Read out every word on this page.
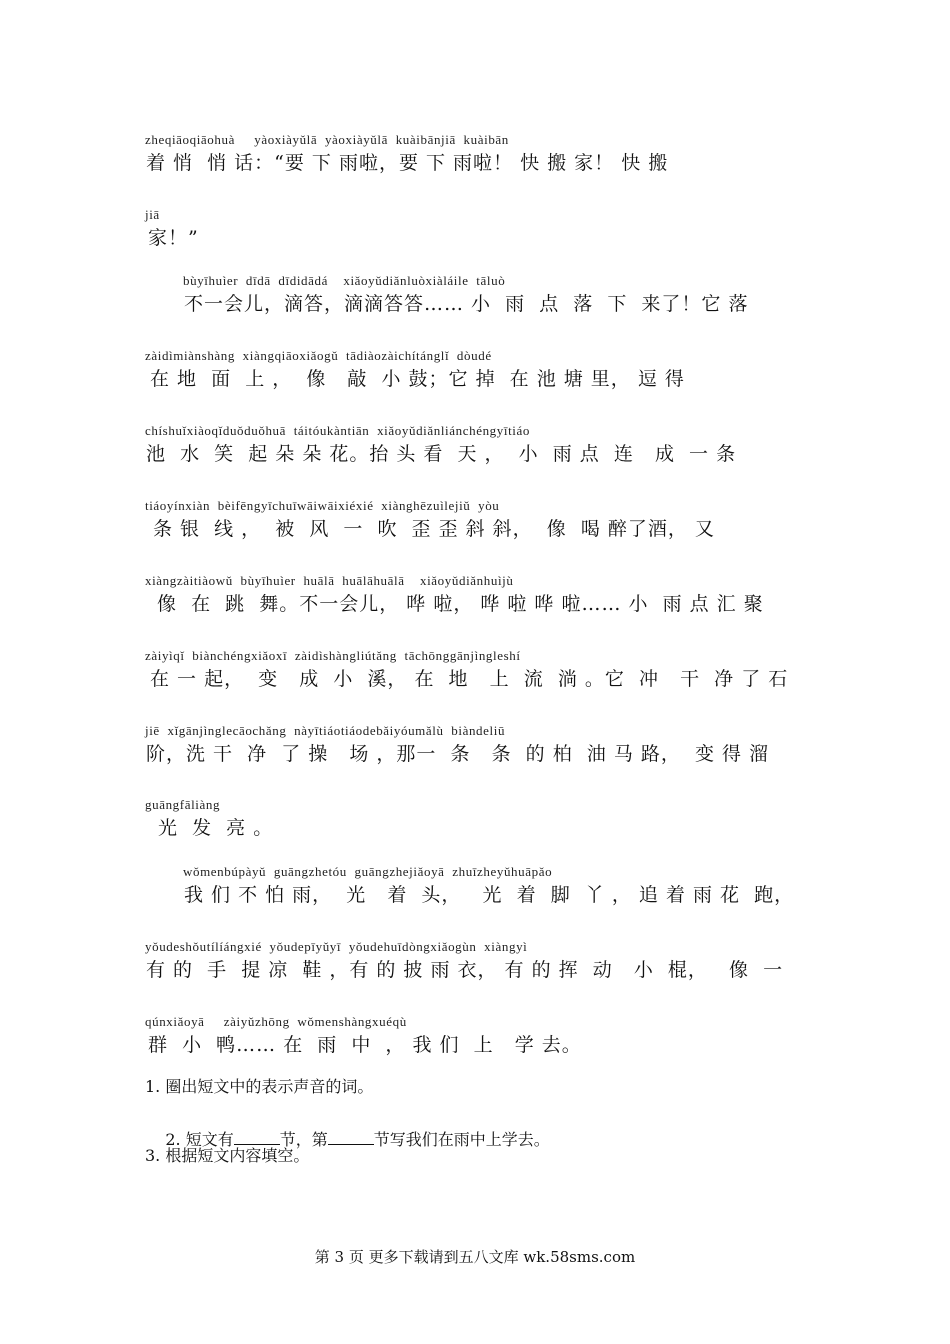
zheqiāoqiāohuà     yàoxiàyǔlā  yàoxiàyǔlā  kuàibānjiā  kuàibān
着 悄  悄 话：“要 下 雨啦，要 下 雨啦！ 快 搬 家！ 快 搬
jiā
家！”
bùyīhuìer  dīdā  dīdidādá    xiǎoyǔdiǎnluòxiàláile  tāluò
不一会儿，滴答，滴滴答答…… 小  雨  点  落  下  来了！它 落
zàidìmiànshàng  xiàngqiāoxiǎogǔ  tādiàozàichítánglǐ  dòudé
在 地  面  上 ，  像   敲  小 鼓；它 掉  在 池 塘 里， 逗 得
chíshuǐxiàoqǐduǒduǒhuā  táitóukàntiān  xiǎoyǔdiǎnliánchéngyītiáo
池  水  笑  起 朵 朵 花。抬 头 看  天 ，  小  雨 点  连   成  一 条
tiáoyínxiàn  bèifēngyīchuīwāiwāixiéxié  xiànghēzuìlejiǔ  yòu
条 银  线 ，  被  风  一  吹  歪 歪 斜 斜，  像  喝 醉了酒， 又
xiàngzàitiàowǔ  bùyīhuìer  huālā  huālāhuālā    xiǎoyǔdiǎnhuìjù
像  在  跳  舞。不一会儿， 哗 啦， 哗 啦 哗 啦…… 小  雨 点 汇 聚
zàiyìqǐ  biànchéngxiǎoxī  zàidìshàngliútǎng  tāchōnggānjìngleshí
在 一 起，  变   成  小  溪， 在  地   上  流  淌 。它  冲   干  净 了 石
jiē  xǐgānjìnglecāochǎng  nàyītiáotiáodebǎiyóumǎlù  biàndeliū
阶，洗 干  净  了 操   场 ，那一  条   条  的 柏  油 马 路，  变 得 溜
guāngfāliàng
光  发  亮 。
wǒmenbúpàyǔ  guāngzhetóu  guāngzhejiǎoyā  zhuīzheyǔhuāpǎo
我 们 不 怕 雨，  光   着  头，   光  着  脚  丫 ， 追 着 雨 花  跑，
yǒudeshǒutílíángxié  yǒudepīyǔyī  yǒudehuīdòngxiǎogùn  xiàngyì
有 的  手  提 凉  鞋 ，有 的 披 雨 衣， 有 的 挥  动   小  棍，   像  一
qúnxiǎoyā     zàiyǔzhōng  wǒmenshàngxuéqù
群  小  鸭…… 在  雨  中  ， 我 们  上   学 去。
1. 圈出短文中的表示声音的词。

2. 短文有	节，第	节写我们在雨中上学去。

3. 根据短文内容填空。
第 3 页 更多下载请到五八文库 wk.58sms.com
